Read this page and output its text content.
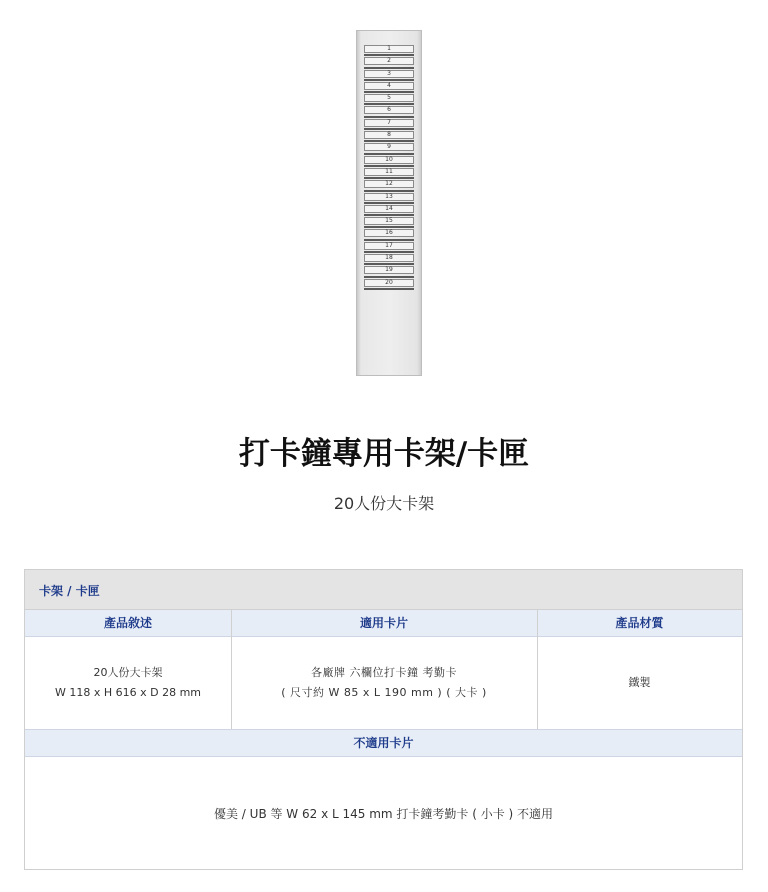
1
2
3
4
5
6
7
8
9
10
11
12
13
14
15
16
17
18
19
20
打卡鐘專用卡架/卡匣
20人份大卡架
卡架 / 卡匣
產品敘述	適用卡片	產品材質
20人份大卡架
W 118 x H 616 x D 28 mm
各廠牌 六欄位打卡鐘 考勤卡
( 尺寸約 W 85 x L 190 mm ) ( 大卡 )
鐵製
不適用卡片
優美 / UB 等 W 62 x L 145 mm 打卡鐘考勤卡 ( 小卡 ) 不適用
